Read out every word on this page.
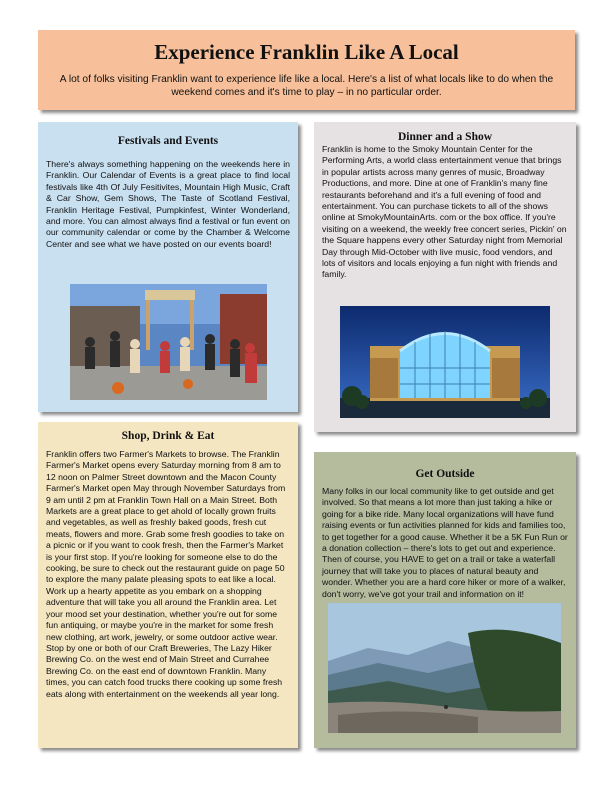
Experience Franklin Like A Local

A lot of folks visiting Franklin want to experience life like a local. Here's a list of what locals like to do when the weekend comes and it's time to play – in no particular order.

Festivals and Events

There's always something happening on the weekends here in Franklin. Our Calendar of Events is a great place to find local festivals like 4th Of July Fesitivites, Mountain High Music, Craft & Car Show, Gem Shows, The Taste of Scotland Festival, Franklin Heritage Festival, Pumpkinfest, Winter Wonderland, and more. You can almost always find a festival or fun event on our community calendar or come by the Chamber & Welcome Center and see what we have posted on our events board!

Dinner and a Show

Franklin is home to the Smoky Mountain Center for the Performing Arts, a world class entertainment venue that brings in popular artists across many genres of music, Broadway Productions, and more. Dine at one of Franklin's many fine restaurants beforehand and it's a full evening of food and entertainment. You can purchase tickets to all of the shows online at SmokyMountainArts. com or the box office. If you're visiting on a weekend, the weekly free concert series, Pickin' on the Square happens every other Saturday night from Memorial Day through Mid-October with live music, food vendors, and lots of visitors and locals enjoying a fun night with friends and family.

Shop, Drink & Eat

Franklin offers two Farmer's Markets to browse. The Franklin Farmer's Market opens every Saturday morning from 8 am to 12 noon on Palmer Street downtown and the Macon County Farmer's Market open May through November Saturdays from 9 am until 2 pm at Franklin Town Hall on a Main Street. Both Markets are a great place to get ahold of locally grown fruits and vegetables, as well as freshly baked goods, fresh cut meats, flowers and more. Grab some fresh goodies to take on a picnic or if you want to cook fresh, then the Farmer's Market is your first stop. If you're looking for someone else to do the cooking, be sure to check out the restaurant guide on page 50 to explore the many palate pleasing spots to eat like a local. Work up a hearty appetite as you embark on a shopping adventure that will take you all around the Franklin area. Let your mood set your destination, whether you're out for some fun antiquing, or maybe you're in the market for some fresh new clothing, art work, jewelry, or some outdoor active wear. Stop by one or both of our Craft Breweries, The Lazy Hiker Brewing Co. on the west end of Main Street and Currahee Brewing Co. on the east end of downtown Franklin. Many times, you can catch food trucks there cooking up some fresh eats along with entertainment on the weekends all year long.

Get Outside

Many folks in our local community like to get outside and get involved. So that means a lot more than just taking a hike or going for a bike ride. Many local organizations will have fund raising events or fun activities planned for kids and families too, to get together for a good cause. Whether it be a 5K Fun Run or a donation collection – there's lots to get out and experience. Then of course, you HAVE to get on a trail or take a waterfall journey that will take you to places of natural beauty and wonder. Whether you are a hard core hiker or more of a walker, don't worry, we've got your trail and information on it!
